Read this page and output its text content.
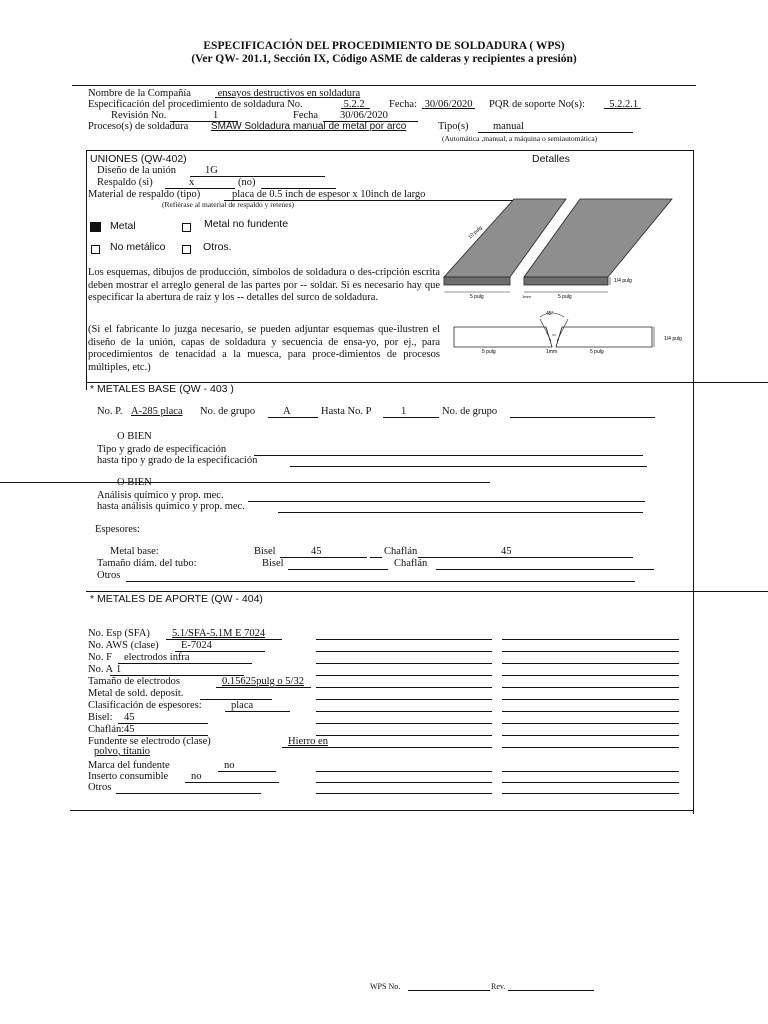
ESPECIFICACIÓN DEL PROCEDIMIENTO DE SOLDADURA ( WPS)
(Ver QW- 201.1, Sección IX, Código ASME de calderas y recipientes a presión)
Nombre de la Compañía	ensayos destructivos en soldadura
Especificación del procedimiento de soldadura No.	5.2.2	Fecha: 30/06/2020 PQR de soporte No(s):	5.2.2.1
Revisión No.	1	Fecha 30/06/2020
Proceso(s) de soldadura SMAW Soldadura manual de metal por arco	Tipo(s) manual
(Automática ,manual, a máquina o semiautomática)
UNIONES (QW-402)	Detalles
Diseño de la unión	1G
Respaldo (si)	x	(no)
Material de respaldo (tipo)	placa de 0.5 inch de espesor x 10inch de largo
(Refiérase al material de respaldo y retenes)
Metal	Metal no fundente
No metálico	Otros.
Los esquemas, dibujos de producción, símbolos de soldadura o des-cripción escrita deben mostrar el arreglo general de las partes por -- soldar. Si es necesario hay que especificar la abertura de raíz y los -- detalles del surco de soldadura.
(Si el fabricante lo juzga necesario, se pueden adjuntar esquemas que-ilustren el diseño de la unión, capas de soldadura y secuencia de ensa-yo, por ej., para procedimientos de tenacidad a la muesca, para proce-dimientos de procesos múltiples, etc.)
1/4 pulg
10 pulg
5 pulg	1mm	5 pulg
45°
1/4 pulg
5 pulg	1mm	5 pulg
* METALES BASE (QW - 403 )
No. P. A-285 placa No. de grupo	A	Hasta No. P	1	No. de grupo
O BIEN
Tipo y grado de especificación
hasta tipo y grado de la especificación
O BIEN
Análisis químico y prop. mec.
hasta análisis químico y prop. mec.
Espesores:
Metal base:	Bisel	45	Chaflán	45
Tamaño diám. del tubo:	Bisel	Chaflán
Otros
* METALES DE APORTE (QW - 404)
No. Esp (SFA) 5.1/SFA-5.1M E 7024
No. AWS (clase) E-7024
No. F electrodos infra
No. A 1
Tamaño de electrodos	0.15625pulg o 5/32
Metal de sold. deposit.
Clasificación de espesores:	placa
Bisel: 45
Chaflán: 45
Fundente se electrodo (clase)	Hierro en
polvo, titanio
Marca del fundente	no
Inserto consumible no
Otros
WPS No.	Rev.
